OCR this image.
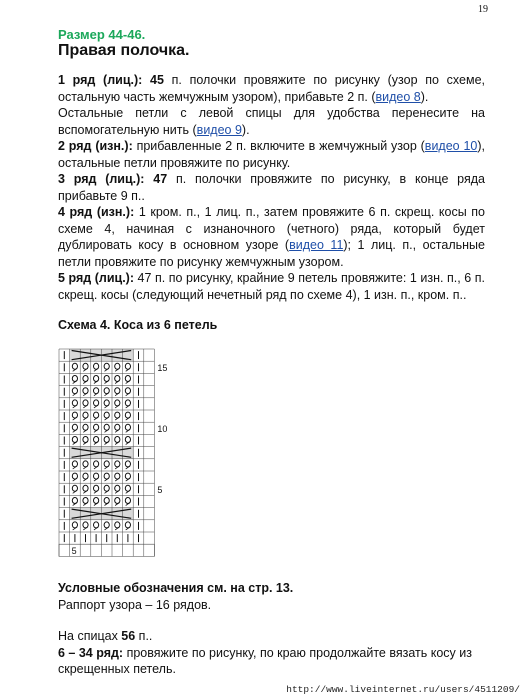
19
Размер 44-46.
Правая полочка.

1 ряд (лиц.): 45 п. полочки провяжите по рисунку (узор по схеме, остальную часть жемчужным узором), прибавьте 2 п. (видео 8).

Остальные петли с левой спицы для удобства перенесите на вспомогательную нить (видео 9).

2 ряд (изн.): прибавленные 2 п. включите в жемчужный узор (видео 10), остальные петли провяжите по рисунку.

3 ряд (лиц.): 47 п. полочки провяжите по рисунку, в конце ряда прибавьте 9 п..

4 ряд (изн.): 1 кром. п., 1 лиц. п., затем провяжите 6 п. скрещ. косы по схеме 4, начиная с изнаночного (четного) ряда, который будет дублировать косу в основном узоре (видео 11); 1 лиц. п., остальные петли провяжите по рисунку жемчужным узором.

5 ряд (лиц.): 47 п. по рисунку, крайние 9 петель провяжите: 1 изн. п., 6 п. скрещ. косы (следующий нечетный ряд по схеме 4), 1 изн. п., кром. п..

Схема 4. Коса из 6 петель
15
10
5
5

Условные обозначения см. на стр. 13.

Раппорт узора – 16 рядов.

На спицах 56 п..

6 – 34 ряд: провяжите по рисунку, по краю продолжайте вязать косу из скрещенных петель.

http://www.liveinternet.ru/users/4511209/
